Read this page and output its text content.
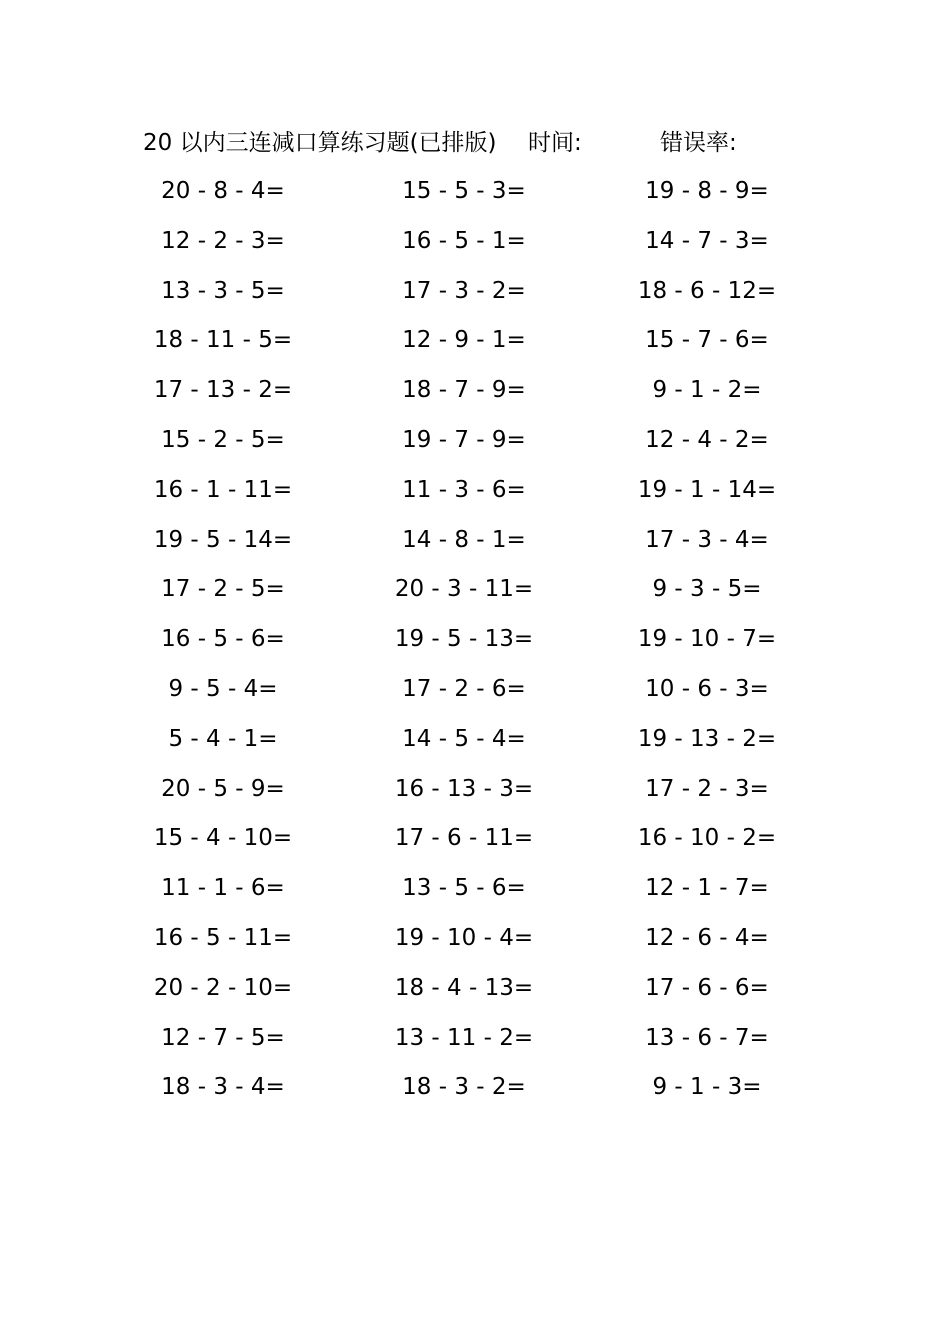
20 以内三连减口算练习题(已排版) 时间:	错误率:
20 - 8 - 4=	15 - 5 - 3=	19 - 8 - 9=
12 - 2 - 3=	16 - 5 - 1=	14 - 7 - 3=
13 - 3 - 5=	17 - 3 - 2=	18 - 6 - 12=
18 - 11 - 5=	12 - 9 - 1=	15 - 7 - 6=
17 - 13 - 2=	18 - 7 - 9=	9 - 1 - 2=
15 - 2 - 5=	19 - 7 - 9=	12 - 4 - 2=
16 - 1 - 11=	11 - 3 - 6=	19 - 1 - 14=
19 - 5 - 14=	14 - 8 - 1=	17 - 3 - 4=
17 - 2 - 5=	20 - 3 - 11=	9 - 3 - 5=
16 - 5 - 6=	19 - 5 - 13=	19 - 10 - 7=
9 - 5 - 4=	17 - 2 - 6=	10 - 6 - 3=
5 - 4 - 1=	14 - 5 - 4=	19 - 13 - 2=
20 - 5 - 9=	16 - 13 - 3=	17 - 2 - 3=
15 - 4 - 10=	17 - 6 - 11=	16 - 10 - 2=
11 - 1 - 6=	13 - 5 - 6=	12 - 1 - 7=
16 - 5 - 11=	19 - 10 - 4=	12 - 6 - 4=
20 - 2 - 10=	18 - 4 - 13=	17 - 6 - 6=
12 - 7 - 5=	13 - 11 - 2=	13 - 6 - 7=
18 - 3 - 4=	18 - 3 - 2=	9 - 1 - 3=
